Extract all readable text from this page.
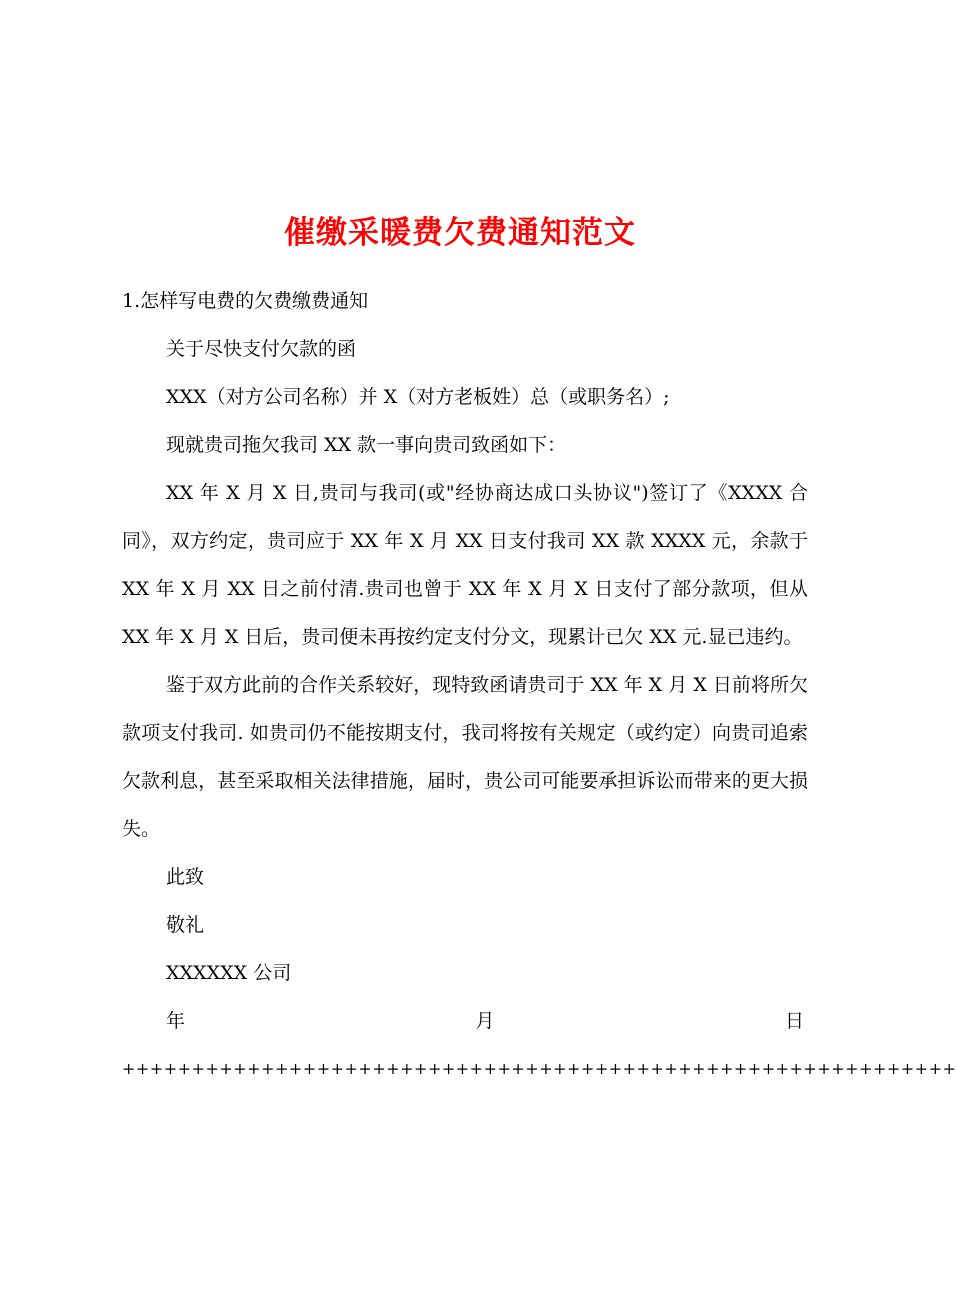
催缴采暖费欠费通知范文

1.怎样写电费的欠费缴费通知

关于尽快支付欠款的函

XXX（对方公司名称）并 X（对方老板姓）总（或职务名）;

现就贵司拖欠我司 XX 款一事向贵司致函如下：

XX 年 X 月 X 日,贵司与我司(或"经协商达成口头协议")签订了《XXXX 合同》，双方约定，贵司应于 XX 年 X 月 XX 日支付我司 XX 款 XXXX 元，余款于 XX 年 X 月 XX 日之前付清.贵司也曾于 XX 年 X 月 X 日支付了部分款项，但从 XX 年 X 月 X 日后，贵司便未再按约定支付分文，现累计已欠 XX 元.显已违约。

鉴于双方此前的合作关系较好，现特致函请贵司于 XX 年 X 月 X 日前将所欠款项支付我司. 如贵司仍不能按期支付，我司将按有关规定（或约定）向贵司追索欠款利息，甚至采取相关法律措施，届时，贵公司可能要承担诉讼而带来的更大损失。

此致

敬礼

XXXXXX 公司

年	月	日

++++++++++++++++++++++++++++++++++++++++++++++++++++++++++++
